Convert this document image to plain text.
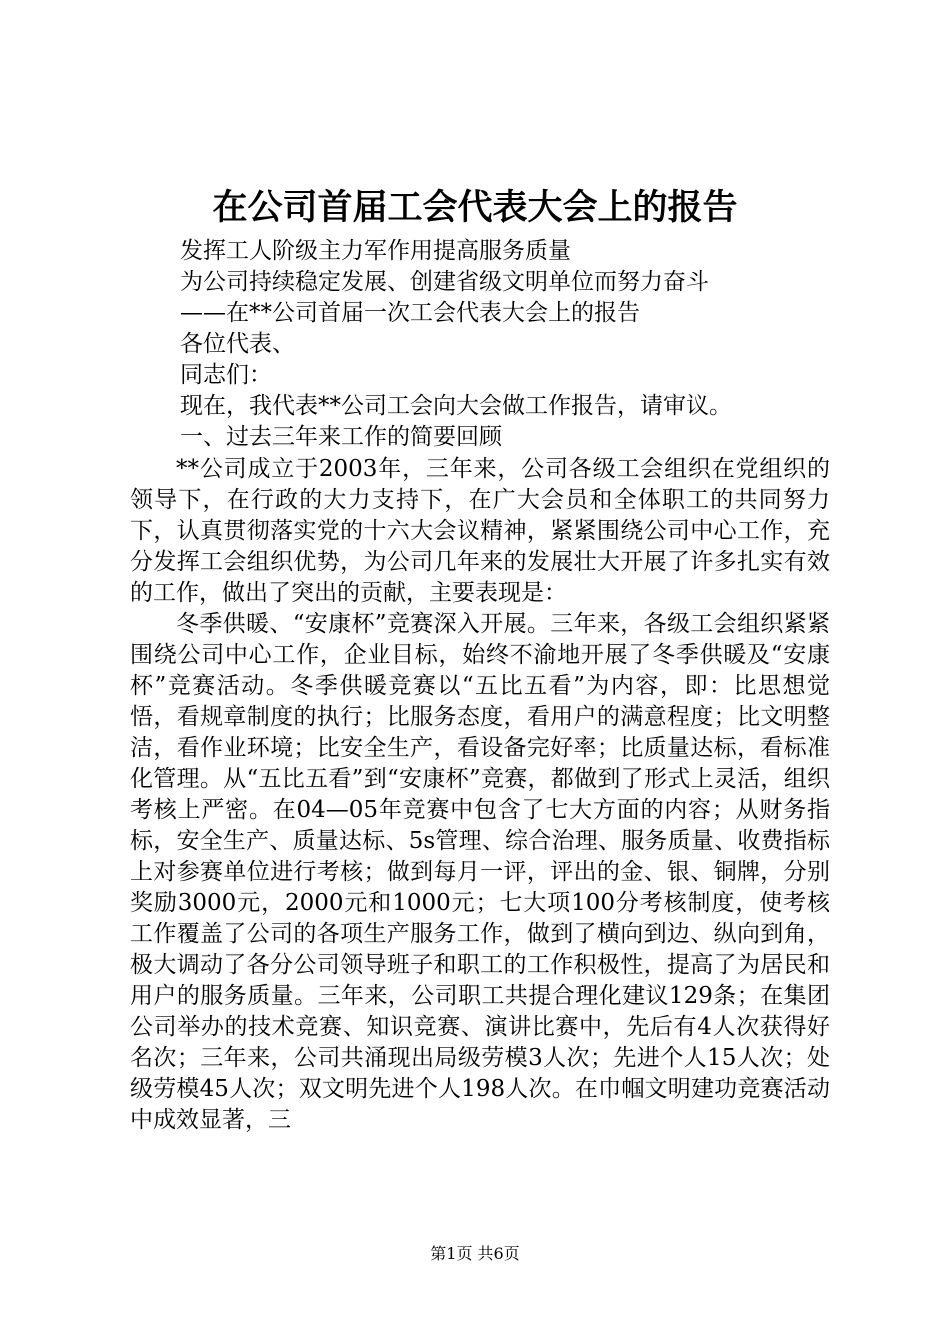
在公司首届工会代表大会上的报告

发挥工人阶级主力军作用提高服务质量

为公司持续稳定发展、创建省级文明单位而努力奋斗

——在**公司首届一次工会代表大会上的报告

各位代表、

同志们：

现在，我代表**公司工会向大会做工作报告，请审议。

一、过去三年来工作的简要回顾

**公司成立于2003年，三年来，公司各级工会组织在党组织的领导下，在行政的大力支持下，在广大会员和全体职工的共同努力下，认真贯彻落实党的十六大会议精神，紧紧围绕公司中心工作，充分发挥工会组织优势，为公司几年来的发展壮大开展了许多扎实有效的工作，做出了突出的贡献，主要表现是：

冬季供暖、“安康杯”竞赛深入开展。三年来，各级工会组织紧紧围绕公司中心工作，企业目标，始终不渝地开展了冬季供暖及“安康杯”竞赛活动。冬季供暖竞赛以“五比五看”为内容，即：比思想觉悟，看规章制度的执行；比服务态度，看用户的满意程度；比文明整洁，看作业环境；比安全生产，看设备完好率；比质量达标，看标准化管理。从“五比五看”到“安康杯”竞赛，都做到了形式上灵活，组织考核上严密。在04—05年竞赛中包含了七大方面的内容；从财务指标，安全生产、质量达标、5s管理、综合治理、服务质量、收费指标上对参赛单位进行考核；做到每月一评，评出的金、银、铜牌，分别奖励3000元，2000元和1000元；七大项100分考核制度，使考核工作覆盖了公司的各项生产服务工作，做到了横向到边、纵向到角，极大调动了各分公司领导班子和职工的工作积极性，提高了为居民和用户的服务质量。三年来，公司职工共提合理化建议129条；在集团公司举办的技术竞赛、知识竞赛、演讲比赛中，先后有4人次获得好名次；三年来，公司共涌现出局级劳模3人次；先进个人15人次；处级劳模45人次；双文明先进个人198人次。在巾帼文明建功竞赛活动中成效显著，三

第1页 共6页
